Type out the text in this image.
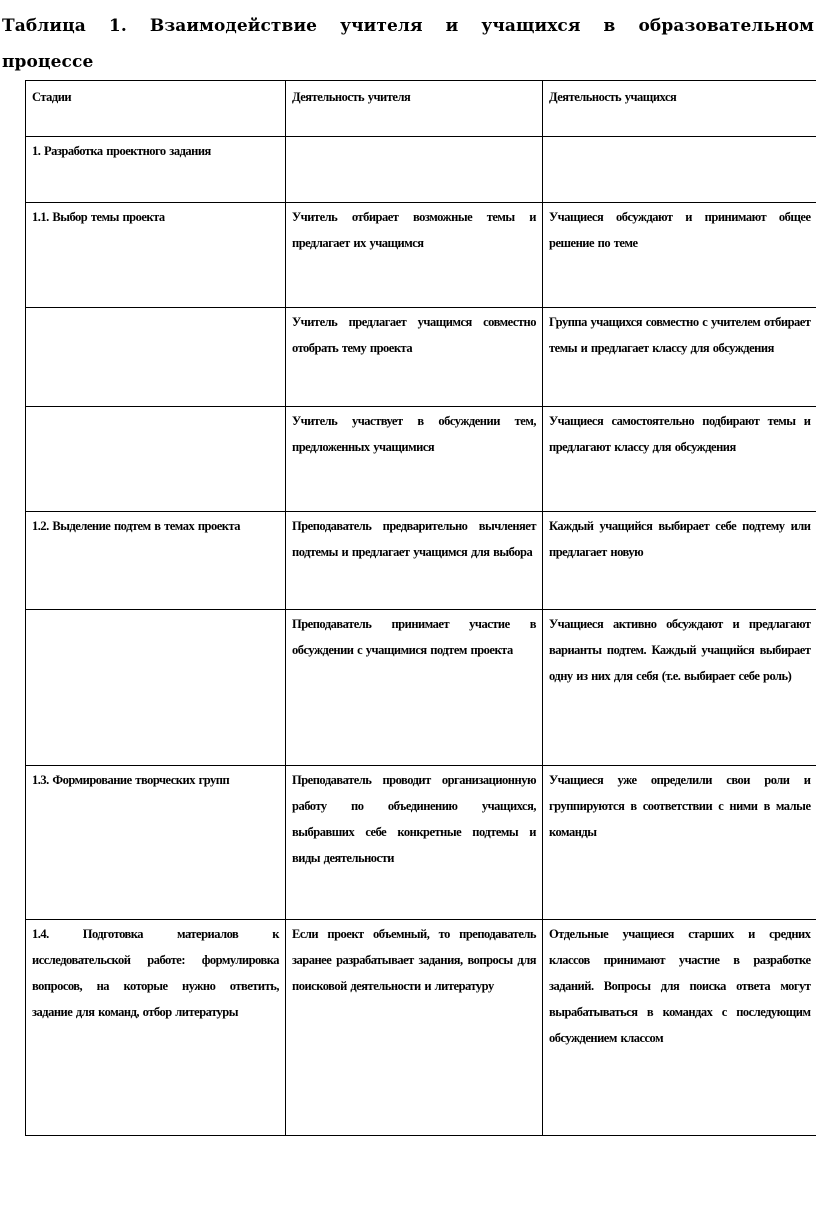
Таблица 1. Взаимодействие учителя и учащихся в образовательном процессе
Стадии	Деятельность учителя	Деятельность учащихся
1. Разработка проектного задания		
1.1. Выбор темы проекта	Учитель отбирает возможные темы и предлагает их учащимся	Учащиеся обсуждают и принимают общее решение по теме
	Учитель предлагает учащимся совместно отобрать тему проекта	Группа учащихся совместно с учителем отбирает темы и предлагает классу для обсуждения
	Учитель участвует в обсуждении тем, предложенных учащимися	Учащиеся самостоятельно подбирают темы и предлагают классу для обсуждения
1.2. Выделение подтем в темах проекта	Преподаватель предварительно вычленяет подтемы и предлагает учащимся для выбора	Каждый учащийся выбирает себе подтему или предлагает новую
	Преподаватель принимает участие в обсуждении с учащимися подтем проекта	Учащиеся активно обсуждают и предлагают варианты подтем. Каждый учащийся выбирает одну из них для себя (т.е. выбирает себе роль)
1.3. Формирование творческих групп	Преподаватель проводит организационную работу по объединению учащихся, выбравших себе конкретные подтемы и виды деятельности	Учащиеся уже определили свои роли и группируются в соответствии с ними в малые команды
1.4. Подготовка материалов к исследовательской работе: формулировка вопросов, на которые нужно ответить, задание для команд, отбор литературы	Если проект объемный, то преподаватель заранее разрабатывает задания, вопросы для поисковой деятельности и литературу	Отдельные учащиеся старших и средних классов принимают участие в разработке заданий. Вопросы для поиска ответа могут вырабатываться в командах с последующим обсуждением классом
